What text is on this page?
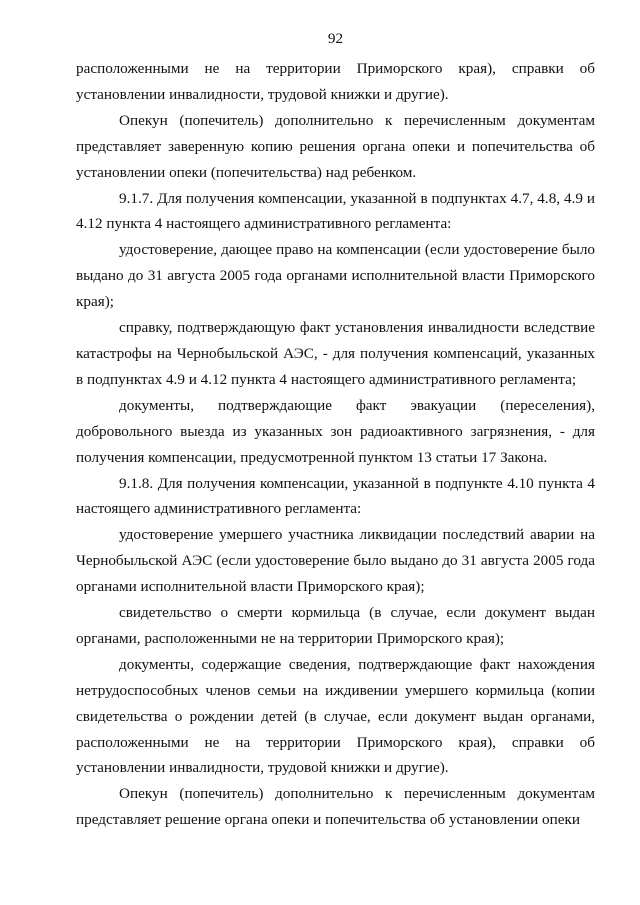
92

расположенными не на территории Приморского края), справки об установлении инвалидности, трудовой книжки и другие).

Опекун (попечитель) дополнительно к перечисленным документам представляет заверенную копию решения органа опеки и попечительства об установлении опеки (попечительства) над ребенком.

9.1.7. Для получения компенсации, указанной в подпунктах 4.7, 4.8, 4.9 и 4.12 пункта 4 настоящего административного регламента:

удостоверение, дающее право на компенсации (если удостоверение было выдано до 31 августа 2005 года органами исполнительной власти Приморского края);

справку, подтверждающую факт установления инвалидности вследствие катастрофы на Чернобыльской АЭС, - для получения компенсаций, указанных в подпунктах 4.9 и 4.12 пункта 4 настоящего административного регламента;

документы, подтверждающие факт эвакуации (переселения), добровольного выезда из указанных зон радиоактивного загрязнения, - для получения компенсации, предусмотренной пунктом 13 статьи 17 Закона.

9.1.8. Для получения компенсации, указанной в подпункте 4.10 пункта 4 настоящего административного регламента:

удостоверение умершего участника ликвидации последствий аварии на Чернобыльской АЭС (если удостоверение было выдано до 31 августа 2005 года органами исполнительной власти Приморского края);

свидетельство о смерти кормильца (в случае, если документ выдан органами, расположенными не на территории Приморского края);

документы, содержащие сведения, подтверждающие факт нахождения нетрудоспособных членов семьи на иждивении умершего кормильца (копии свидетельства о рождении детей (в случае, если документ выдан органами, расположенными не на территории Приморского края), справки об установлении инвалидности, трудовой книжки и другие).

Опекун (попечитель) дополнительно к перечисленным документам представляет решение органа опеки и попечительства об установлении опеки
